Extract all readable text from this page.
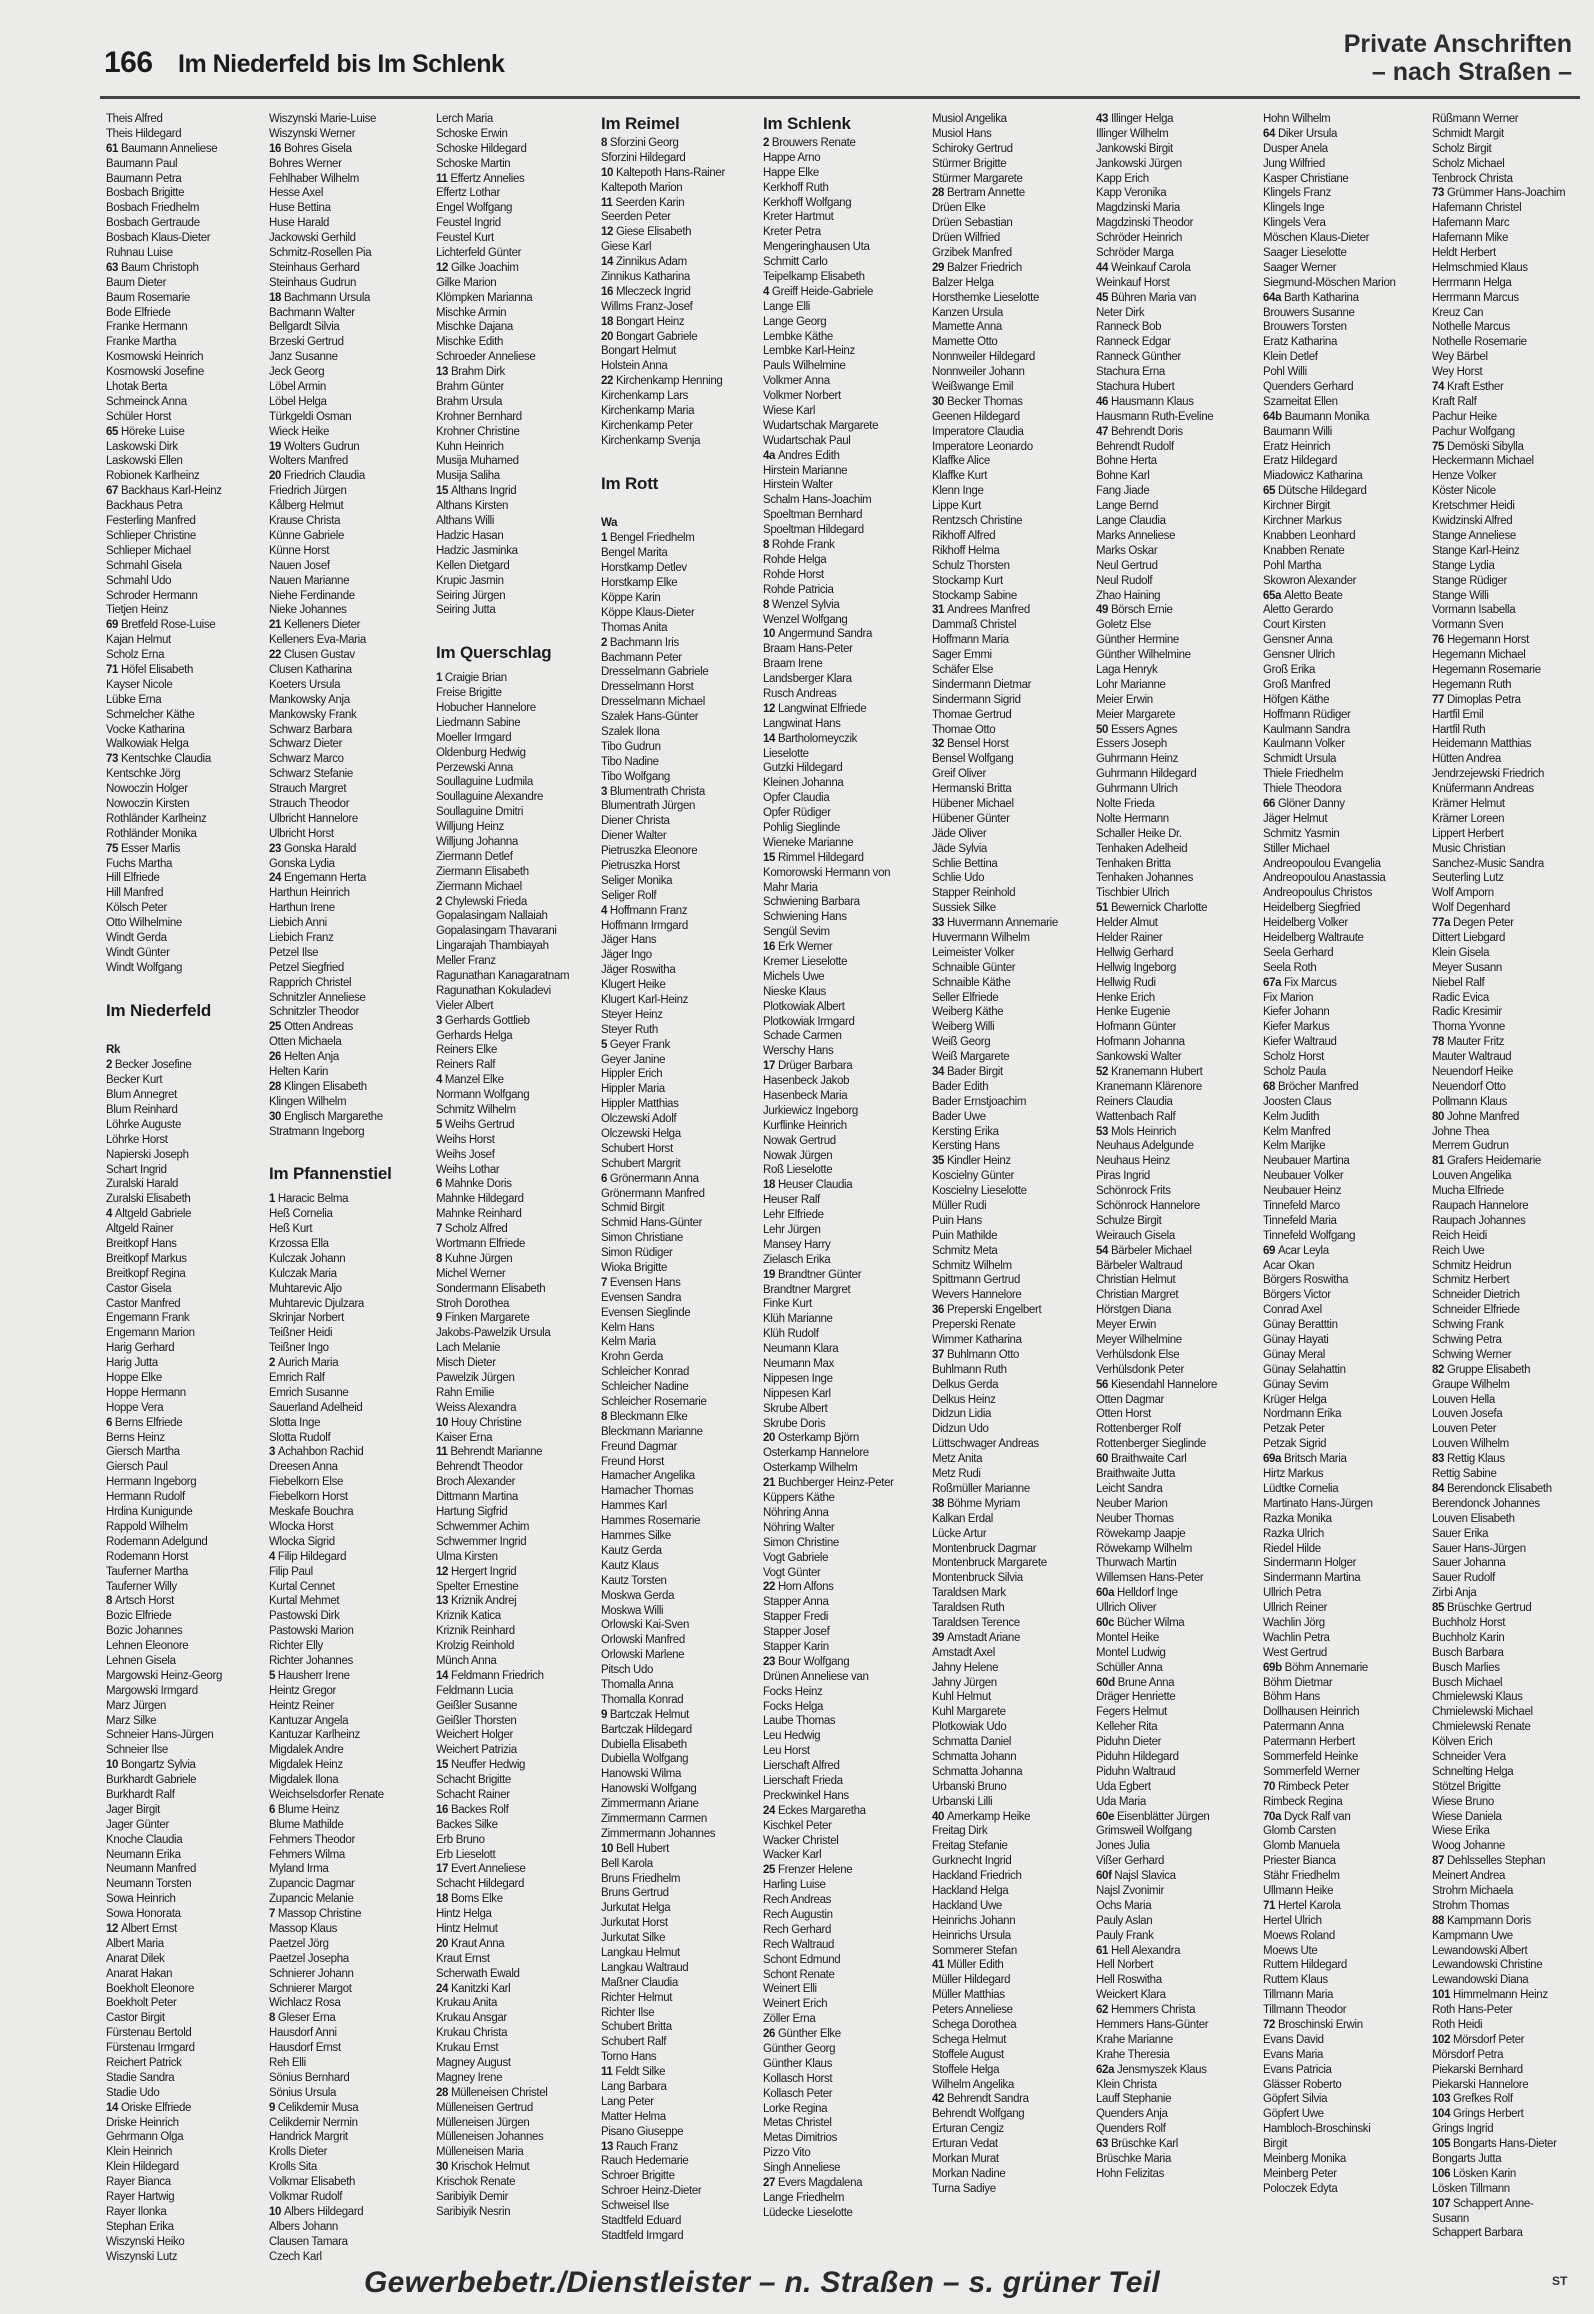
166 Im Niederfeld bis Im Schlenk
Private Anschriften
– nach Straßen –
Theis Alfred
Theis Hildegard
61 Baumann Anneliese
Baumann Paul
Baumann Petra
Bosbach Brigitte
Bosbach Friedhelm
Bosbach Gertraude
Bosbach Klaus-Dieter
Ruhnau Luise
63 Baum Christoph
Baum Dieter
Baum Rosemarie
Bode Elfriede
Franke Hermann
Franke Martha
Kosmowski Heinrich
Kosmowski Josefine
Lhotak Berta
Schmeinck Anna
Schüler Horst
65 Höreke Luise
Laskowski Dirk
Laskowski Ellen
Robionek Karlheinz
67 Backhaus Karl-Heinz
Backhaus Petra
Festerling Manfred
Schlieper Christine
Schlieper Michael
Schmahl Gisela
Schmahl Udo
Schroder Hermann
Tietjen Heinz
69 Bretfeld Rose-Luise
Kajan Helmut
Scholz Erna
71 Höfel Elisabeth
Kayser Nicole
Lübke Erna
Schmelcher Käthe
Vocke Katharina
Walkowiak Helga
73 Kentschke Claudia
Kentschke Jörg
Nowoczin Holger
Nowoczin Kirsten
Rothländer Karlheinz
Rothländer Monika
75 Esser Marlis
Fuchs Martha
Hill Elfriede
Hill Manfred
Kölsch Peter
Otto Wilhelmine
Windt Gerda
Windt Günter
Windt Wolfgang
Im Niederfeld
Rk
2 Becker Josefine
Becker Kurt
Blum Annegret
Blum Reinhard
Löhrke Auguste
Löhrke Horst
Napierski Joseph
Schart Ingrid
Zuralski Harald
Zuralski Elisabeth
4 Altgeld Gabriele
Altgeld Rainer
Breitkopf Hans
Breitkopf Markus
Breitkopf Regina
Castor Gisela
Castor Manfred
Engemann Frank
Engemann Marion
Harig Gerhard
Harig Jutta
Hoppe Elke
Hoppe Hermann
Hoppe Vera
6 Berns Elfriede
Berns Heinz
Giersch Martha
Giersch Paul
Hermann Ingeborg
Hermann Rudolf
Hrdina Kunigunde
Rappold Wilhelm
Rodemann Adelgund
Rodemann Horst
Tauferner Martha
Tauferner Willy
8 Artsch Horst
Bozic Elfriede
Bozic Johannes
Lehnen Eleonore
Lehnen Gisela
Margowski Heinz-Georg
Margowski Irmgard
Marz Jürgen
Marz Silke
Schneier Hans-Jürgen
Schneier Ilse
10 Bongartz Sylvia
Burkhardt Gabriele
Burkhardt Ralf
Jager Birgit
Jager Günter
Knoche Claudia
Neumann Erika
Neumann Manfred
Neumann Torsten
Sowa Heinrich
Sowa Honorata
12 Albert Ernst
Albert Maria
Anarat Dilek
Anarat Hakan
Boekholt Eleonore
Boekholt Peter
Castor Birgit
Fürstenau Bertold
Fürstenau Irmgard
Reichert Patrick
Stadie Sandra
Stadie Udo
14 Oriske Elfriede
Driske Heinrich
Gehrmann Olga
Klein Heinrich
Klein Hildegard
Rayer Bianca
Rayer Hartwig
Rayer Ilonka
Stephan Erika
Wiszynski Heiko
Wiszynski Lutz
Wiszynski Marie-Luise
Wiszynski Werner
16 Bohres Gisela
Bohres Werner
Fehlhaber Wilhelm
Hesse Axel
Huse Bettina
Huse Harald
Jackowski Gerhild
Schmitz-Rosellen Pia
Steinhaus Gerhard
Steinhaus Gudrun
18 Bachmann Ursula
Bachmann Walter
Bellgardt Silvia
Brzeski Gertrud
Janz Susanne
Jeck Georg
Löbel Armin
Löbel Helga
Türkgeldi Osman
Wieck Heike
19 Wolters Gudrun
Wolters Manfred
20 Friedrich Claudia
Friedrich Jürgen
Kålberg Helmut
Krause Christa
Künne Gabriele
Künne Horst
Nauen Josef
Nauen Marianne
Niehe Ferdinande
Nieke Johannes
21 Kelleners Dieter
Kelleners Eva-Maria
22 Clusen Gustav
Clusen Katharina
Koeters Ursula
Mankowsky Anja
Mankowsky Frank
Schwarz Barbara
Schwarz Dieter
Schwarz Marco
Schwarz Stefanie
Strauch Margret
Strauch Theodor
Ulbricht Hannelore
Ulbricht Horst
23 Gonska Harald
Gonska Lydia
24 Engemann Herta
Harthun Heinrich
Harthun Irene
Liebich Anni
Liebich Franz
Petzel Ilse
Petzel Siegfried
Rapprich Christel
Schnitzler Anneliese
Schnitzler Theodor
25 Otten Andreas
Otten Michaela
26 Helten Anja
Helten Karin
28 Klingen Elisabeth
Klingen Wilhelm
30 Englisch Margarethe
Stratmann Ingeborg
Im Pfannenstiel
1 Haracic Belma
Heß Cornelia
Heß Kurt
Krzossa Ella
Kulczak Johann
Kulczak Maria
Muhtarevic Aljo
Muhtarevic Djulzara
Skrinjar Norbert
Teißner Heidi
Teißner Ingo
2 Aurich Maria
Emrich Ralf
Emrich Susanne
Sauerland Adelheid
Slotta Inge
Slotta Rudolf
3 Achahbon Rachid
Dreesen Anna
Fiebelkorn Else
Fiebelkorn Horst
Meskafe Bouchra
Wlocka Horst
Wlocka Sigrid
4 Filip Hildegard
Filip Paul
Kurtal Cennet
Kurtal Mehmet
Pastowski Dirk
Pastowski Marion
Richter Elly
Richter Johannes
5 Hausherr Irene
Heintz Gregor
Heintz Reiner
Kantuzar Angela
Kantuzar Karlheinz
Migdalek Andre
Migdalek Heinz
Migdalek Ilona
Weichselsdorfer Renate
6 Blume Heinz
Blume Mathilde
Fehmers Theodor
Fehmers Wilma
Myland Irma
Zupancic Dagmar
Zupancic Melanie
7 Massop Christine
Massop Klaus
Paetzel Jörg
Paetzel Josepha
Schnierer Johann
Schnierer Margot
Wichlacz Rosa
8 Gleser Erna
Hausdorf Anni
Hausdorf Ernst
Reh Elli
Sönius Bernhard
Sönius Ursula
9 Celikdemir Musa
Celikdemir Nermin
Handrick Margrit
Krolls Dieter
Krolls Sita
Volkmar Elisabeth
Volkmar Rudolf
10 Albers Hildegard
Albers Johann
Clausen Tamara
Czech Karl
Lerch Maria
Schoske Erwin
Schoske Hildegard
Schoske Martin
11 Effertz Annelies
Effertz Lothar
Engel Wolfgang
Feustel Ingrid
Feustel Kurt
Lichterfeld Günter
12 Gilke Joachim
Gilke Marion
Klömpken Marianna
Mischke Armin
Mischke Dajana
Mischke Edith
Schroeder Anneliese
13 Brahm Dirk
Brahm Günter
Brahm Ursula
Krohner Bernhard
Krohner Christine
Kuhn Heinrich
Musija Muhamed
Musija Saliha
15 Althans Ingrid
Althans Kirsten
Althans Willi
Hadzic Hasan
Hadzic Jasminka
Kellen Dietgard
Krupic Jasmin
Seiring Jürgen
Seiring Jutta
Im Querschlag
1 Craigie Brian
Freise Brigitte
Hobucher Hannelore
Liedmann Sabine
Moeller Irmgard
Oldenburg Hedwig
Perzewski Anna
Soullaguine Ludmila
Soullaguine Alexandre
Soullaguine Dmitri
Willjung Heinz
Willjung Johanna
Ziermann Detlef
Ziermann Elisabeth
Ziermann Michael
2 Chylewski Frieda
Gopalasingam Nallaiah
Gopalasingam Thavarani
Lingarajah Thambiayah
Meller Franz
Ragunathan Kanagaratnam
Ragunathan Kokuladevi
Vieler Albert
3 Gerhards Gottlieb
Gerhards Helga
Reiners Elke
Reiners Ralf
4 Manzel Elke
Normann Wolfgang
Schmitz Wilhelm
5 Weihs Gertrud
Weihs Horst
Weihs Josef
Weihs Lothar
6 Mahnke Doris
Mahnke Hildegard
Mahnke Reinhard
7 Scholz Alfred
Wortmann Elfriede
8 Kuhne Jürgen
Michel Werner
Sondermann Elisabeth
Stroh Dorothea
9 Finken Margarete
Jakobs-Pawelzik Ursula
Lach Melanie
Misch Dieter
Pawelzik Jürgen
Rahn Emilie
Weiss Alexandra
10 Houy Christine
Kaiser Erna
11 Behrendt Marianne
Behrendt Theodor
Broch Alexander
Dittmann Martina
Hartung Sigfrid
Schwemmer Achim
Schwemmer Ingrid
Ulma Kirsten
12 Hergert Ingrid
Spelter Ernestine
13 Kriznik Andrej
Kriznik Katica
Kriznik Reinhard
Krolzig Reinhold
Münch Anna
14 Feldmann Friedrich
Feldmann Lucia
Geißler Susanne
Geißler Thorsten
Weichert Holger
Weichert Patrizia
15 Neuffer Hedwig
Schacht Brigitte
Schacht Rainer
16 Backes Rolf
Backes Silke
Erb Bruno
Erb Lieselott
17 Evert Anneliese
Schacht Hildegard
18 Boms Elke
Hintz Helga
Hintz Helmut
20 Kraut Anna
Kraut Ernst
Scherwath Ewald
24 Kanitzki Karl
Krukau Anita
Krukau Ansgar
Krukau Christa
Krukau Ernst
Magney August
Magney Irene
28 Mülleneisen Christel
Mülleneisen Gertrud
Mülleneisen Jürgen
Mülleneisen Johannes
Mülleneisen Maria
30 Krischok Helmut
Krischok Renate
Saribiyik Demir
Saribiyik Nesrin
Im Reimel
8 Sforzini Georg
Sforzini Hildegard
10 Kaltepoth Hans-Rainer
Kaltepoth Marion
11 Seerden Karin
Seerden Peter
12 Giese Elisabeth
Giese Karl
14 Zinnikus Adam
Zinnikus Katharina
16 Mleczeck Ingrid
Willms Franz-Josef
18 Bongart Heinz
20 Bongart Gabriele
Bongart Helmut
Holstein Anna
22 Kirchenkamp Henning
Kirchenkamp Lars
Kirchenkamp Maria
Kirchenkamp Peter
Kirchenkamp Svenja
Im Rott
Wa
1 Bengel Friedhelm
Bengel Marita
Horstkamp Detlev
Horstkamp Elke
Köppe Karin
Köppe Klaus-Dieter
Thomas Anita
2 Bachmann Iris
Bachmann Peter
Dresselmann Gabriele
Dresselmann Horst
Dresselmann Michael
Szalek Hans-Günter
Szalek Ilona
Tibo Gudrun
Tibo Nadine
Tibo Wolfgang
3 Blumentrath Christa
Blumentrath Jürgen
Diener Christa
Diener Walter
Pietruszka Eleonore
Pietruszka Horst
Seliger Monika
Seliger Rolf
4 Hoffmann Franz
Hoffmann Irmgard
Jäger Hans
Jäger Ingo
Jäger Roswitha
Klugert Heike
Klugert Karl-Heinz
Steyer Heinz
Steyer Ruth
5 Geyer Frank
Geyer Janine
Hippler Erich
Hippler Maria
Hippler Matthias
Olczewski Adolf
Olczewski Helga
Schubert Horst
Schubert Margrit
6 Grönermann Anna
Grönermann Manfred
Schmid Birgit
Schmid Hans-Günter
Simon Christiane
Simon Rüdiger
Wioka Brigitte
7 Evensen Hans
Evensen Sandra
Evensen Sieglinde
Kelm Hans
Kelm Maria
Krohn Gerda
Schleicher Konrad
Schleicher Nadine
Schleicher Rosemarie
8 Bleckmann Elke
Bleckmann Marianne
Freund Dagmar
Freund Horst
Hamacher Angelika
Hamacher Thomas
Hammes Karl
Hammes Rosemarie
Hammes Silke
Kautz Gerda
Kautz Klaus
Kautz Torsten
Moskwa Gerda
Moskwa Willi
Orlowski Kai-Sven
Orlowski Manfred
Orlowski Marlene
Pitsch Udo
Thomalla Anna
Thomalla Konrad
9 Bartczak Helmut
Bartczak Hildegard
Dubiella Elisabeth
Dubiella Wolfgang
Hanowski Wilma
Hanowski Wolfgang
Zimmermann Ariane
Zimmermann Carmen
Zimmermann Johannes
10 Bell Hubert
Bell Karola
Bruns Friedhelm
Bruns Gertrud
Jurkutat Helga
Jurkutat Horst
Jurkutat Silke
Langkau Helmut
Langkau Waltraud
Maßner Claudia
Richter Helmut
Richter Ilse
Schubert Britta
Schubert Ralf
Torno Hans
11 Feldt Silke
Lang Barbara
Lang Peter
Matter Helma
Pisano Giuseppe
13 Rauch Franz
Rauch Hedemarie
Schroer Brigitte
Schroer Heinz-Dieter
Schweisel Ilse
Stadtfeld Eduard
Stadtfeld Irmgard
Im Schlenk
2 Brouwers Renate
Happe Arno
Happe Elke
Kerkhoff Ruth
Kerkhoff Wolfgang
Kreter Hartmut
Kreter Petra
Mengeringhausen Uta
Schmitt Carlo
Teipelkamp Elisabeth
4 Greiff Heide-Gabriele
Lange Elli
Lange Georg
Lembke Käthe
Lembke Karl-Heinz
Pauls Wilhelmine
Volkmer Anna
Volkmer Norbert
Wiese Karl
Wudartschak Margarete
Wudartschak Paul
4a Andres Edith
Hirstein Marianne
Hirstein Walter
Schalm Hans-Joachim
Spoeltman Bernhard
Spoeltman Hildegard
8 Rohde Frank
Rohde Helga
Rohde Horst
Rohde Patricia
8 Wenzel Sylvia
Wenzel Wolfgang
10 Angermund Sandra
Braam Hans-Peter
Braam Irene
Landsberger Klara
Rusch Andreas
12 Langwinat Elfriede
Langwinat Hans
14 Bartholomeyczik
Lieselotte
Gutzki Hildegard
Kleinen Johanna
Opfer Claudia
Opfer Rüdiger
Pohlig Sieglinde
Wieneke Marianne
15 Rimmel Hildegard
Komorowski Hermann von
Mahr Maria
Schwiening Barbara
Schwiening Hans
Sengül Sevim
16 Erk Werner
Kremer Lieselotte
Michels Uwe
Nieske Klaus
Plotkowiak Albert
Plotkowiak Irmgard
Schade Carmen
Werschy Hans
17 Drüger Barbara
Hasenbeck Jakob
Hasenbeck Maria
Jurkiewicz Ingeborg
Kurflinke Heinrich
Nowak Gertrud
Nowak Jürgen
Roß Lieselotte
18 Heuser Claudia
Heuser Ralf
Lehr Elfriede
Lehr Jürgen
Mansey Harry
Zielasch Erika
19 Brandtner Günter
Brandtner Margret
Finke Kurt
Klüh Marianne
Klüh Rudolf
Neumann Klara
Neumann Max
Nippesen Inge
Nippesen Karl
Skrube Albert
Skrube Doris
20 Osterkamp Björn
Osterkamp Hannelore
Osterkamp Wilhelm
21 Buchberger Heinz-Peter
Küppers Käthe
Nöhring Anna
Nöhring Walter
Simon Christine
Vogt Gabriele
Vogt Günter
22 Horn Alfons
Stapper Anna
Stapper Fredi
Stapper Josef
Stapper Karin
23 Bour Wolfgang
Drünen Anneliese van
Focks Heinz
Focks Helga
Laube Thomas
Leu Hedwig
Leu Horst
Lierschaft Alfred
Lierschaft Frieda
Preckwinkel Hans
24 Eckes Margaretha
Kischkel Peter
Wacker Christel
Wacker Karl
25 Frenzer Helene
Harling Luise
Rech Andreas
Rech Augustin
Rech Gerhard
Rech Waltraud
Schont Edmund
Schont Renate
Weinert Elli
Weinert Erich
Zöller Erna
26 Günther Elke
Günther Georg
Günther Klaus
Kollasch Horst
Kollasch Peter
Lorke Regina
Metas Christel
Metas Dimitrios
Pizzo Vito
Singh Anneliese
27 Evers Magdalena
Lange Friedhelm
Lüdecke Lieselotte
Musiol Angelika
Musiol Hans
Schiroky Gertrud
Stürmer Brigitte
Stürmer Margarete
28 Bertram Annette
Drüen Elke
Drüen Sebastian
Drüen Wilfried
Grzibek Manfred
29 Balzer Friedrich
Balzer Helga
Horsthemke Lieselotte
Kanzen Ursula
Mamette Anna
Mamette Otto
Nonnweiler Hildegard
Nonnweiler Johann
Weißwange Emil
30 Becker Thomas
Geenen Hildegard
Imperatore Claudia
Imperatore Leonardo
Klaffke Alice
Klaffke Kurt
Klenn Inge
Lippe Kurt
Rentzsch Christine
Rikhoff Alfred
Rikhoff Helma
Schulz Thorsten
Stockamp Kurt
Stockamp Sabine
31 Andrees Manfred
Dammaß Christel
Hoffmann Maria
Sager Emmi
Schäfer Else
Sindermann Dietmar
Sindermann Sigrid
Thomae Gertrud
Thomae Otto
32 Bensel Horst
Bensel Wolfgang
Greif Oliver
Hermanski Britta
Hübener Michael
Hübener Günter
Jäde Oliver
Jäde Sylvia
Schlie Bettina
Schlie Udo
Stapper Reinhold
Sussiek Silke
33 Huvermann Annemarie
Huvermann Wilhelm
Leimeister Volker
Schnaible Günter
Schnaible Käthe
Seller Elfriede
Weiberg Käthe
Weiberg Willi
Weiß Georg
Weiß Margarete
34 Bader Birgit
Bader Edith
Bader Ernstjoachim
Bader Uwe
Kersting Erika
Kersting Hans
35 Kindler Heinz
Koscielny Günter
Koscielny Lieselotte
Müller Rudi
Puin Hans
Puin Mathilde
Schmitz Meta
Schmitz Wilhelm
Spittmann Gertrud
Wevers Hannelore
36 Preperski Engelbert
Preperski Renate
Wimmer Katharina
37 Buhlmann Otto
Buhlmann Ruth
Delkus Gerda
Delkus Heinz
Didzun Lidia
Didzun Udo
Lüttschwager Andreas
Metz Anita
Metz Rudi
Roßmüller Marianne
38 Böhme Myriam
Kalkan Erdal
Lücke Artur
Montenbruck Dagmar
Montenbruck Margarete
Montenbruck Silvia
Taraldsen Mark
Taraldsen Ruth
Taraldsen Terence
39 Amstadt Ariane
Amstadt Axel
Jahny Helene
Jahny Jürgen
Kuhl Helmut
Kuhl Margarete
Plotkowiak Udo
Schmatta Daniel
Schmatta Johann
Schmatta Johanna
Urbanski Bruno
Urbanski Lilli
40 Amerkamp Heike
Freitag Dirk
Freitag Stefanie
Gurknecht Ingrid
Hackland Friedrich
Hackland Helga
Hackland Uwe
Heinrichs Johann
Heinrichs Ursula
Sommerer Stefan
41 Müller Edith
Müller Hildegard
Müller Matthias
Peters Anneliese
Schega Dorothea
Schega Helmut
Stoffele August
Stoffele Helga
Wilhelm Angelika
42 Behrendt Sandra
Behrendt Wolfgang
Erturan Cengiz
Erturan Vedat
Morkan Murat
Morkan Nadine
Turna Sadiye
43 Illinger Helga
Illinger Wilhelm
Jankowski Birgit
Jankowski Jürgen
Kapp Erich
Kapp Veronika
Magdzinski Maria
Magdzinski Theodor
Schröder Heinrich
Schröder Marga
44 Weinkauf Carola
Weinkauf Horst
45 Bühren Maria van
Neter Dirk
Ranneck Bob
Ranneck Edgar
Ranneck Günther
Stachura Erna
Stachura Hubert
46 Hausmann Klaus
Hausmann Ruth-Eveline
47 Behrendt Doris
Behrendt Rudolf
Bohne Herta
Bohne Karl
Fang Jiade
Lange Bernd
Lange Claudia
Marks Anneliese
Marks Oskar
Neul Gertrud
Neul Rudolf
Zhao Haining
49 Börsch Ernie
Goletz Else
Günther Hermine
Günther Wilhelmine
Laga Henryk
Lohr Marianne
Meier Erwin
Meier Margarete
50 Essers Agnes
Essers Joseph
Guhrmann Heinz
Guhrmann Hildegard
Guhrmann Ulrich
Nolte Frieda
Nolte Hermann
Schaller Heike Dr.
Tenhaken Adelheid
Tenhaken Britta
Tenhaken Johannes
Tischbier Ulrich
51 Bewernick Charlotte
Helder Almut
Helder Rainer
Hellwig Gerhard
Hellwig Ingeborg
Hellwig Rudi
Henke Erich
Henke Eugenie
Hofmann Günter
Hofmann Johanna
Sankowski Walter
52 Kranemann Hubert
Kranemann Klärenore
Reiners Claudia
Wattenbach Ralf
53 Mols Heinrich
Neuhaus Adelgunde
Neuhaus Heinz
Piras Ingrid
Schönrock Frits
Schönrock Hannelore
Schulze Birgit
Weirauch Gisela
54 Bärbeler Michael
Bärbeler Waltraud
Christian Helmut
Christian Margret
Hörstgen Diana
Meyer Erwin
Meyer Wilhelmine
Verhülsdonk Else
Verhülsdonk Peter
56 Kiesendahl Hannelore
Otten Dagmar
Otten Horst
Rottenberger Rolf
Rottenberger Sieglinde
60 Braithwaite Carl
Braithwaite Jutta
Leicht Sandra
Neuber Marion
Neuber Thomas
Röwekamp Jaapje
Röwekamp Wilhelm
Thurwach Martin
Willemsen Hans-Peter
60a Helldorf Inge
Ullrich Oliver
60c Bücher Wilma
Montel Heike
Montel Ludwig
Schüller Anna
60d Brune Anna
Dräger Henriette
Fegers Helmut
Kelleher Rita
Piduhn Dieter
Piduhn Hildegard
Piduhn Waltraud
Uda Egbert
Uda Maria
60e Eisenblätter Jürgen
Grimsweil Wolfgang
Jones Julia
Vißer Gerhard
60f Najsl Slavica
Najsl Zvonimir
Ochs Maria
Pauly Aslan
Pauly Frank
61 Hell Alexandra
Hell Norbert
Hell Roswitha
Weickert Klara
62 Hemmers Christa
Hemmers Hans-Günter
Krahe Marianne
Krahe Theresia
62a Jensmyszek Klaus
Klein Christa
Lauff Stephanie
Quenders Anja
Quenders Rolf
63 Brüschke Karl
Brüschke Maria
Hohn Felizitas
Hohn Wilhelm
64 Diker Ursula
Dusper Anela
Jung Wilfried
Kasper Christiane
Klingels Franz
Klingels Inge
Klingels Vera
Möschen Klaus-Dieter
Saager Lieselotte
Saager Werner
Siegmund-Möschen Marion
64a Barth Katharina
Brouwers Susanne
Brouwers Torsten
Eratz Katharina
Klein Detlef
Pohl Willi
Quenders Gerhard
Szameitat Ellen
64b Baumann Monika
Baumann Willi
Eratz Heinrich
Eratz Hildegard
Miadowicz Katharina
65 Dütsche Hildegard
Kirchner Birgit
Kirchner Markus
Knabben Leonhard
Knabben Renate
Pohl Martha
Skowron Alexander
65a Aletto Beate
Aletto Gerardo
Court Kirsten
Gensner Anna
Gensner Ulrich
Groß Erika
Groß Manfred
Höfgen Käthe
Hoffmann Rüdiger
Kaulmann Sandra
Kaulmann Volker
Schmidt Ursula
Thiele Friedhelm
Thiele Theodora
66 Glöner Danny
Jäger Helmut
Schmitz Yasmin
Stiller Michael
Andreopoulou Evangelia
Andreopoulou Anastassia
Andreopoulus Christos
Heidelberg Siegfried
Heidelberg Volker
Heidelberg Waltraute
Seela Gerhard
Seela Roth
67a Fix Marcus
Fix Marion
Kiefer Johann
Kiefer Markus
Kiefer Waltraud
Scholz Horst
Scholz Paula
68 Bröcher Manfred
Joosten Claus
Kelm Judith
Kelm Manfred
Kelm Marijke
Neubauer Martina
Neubauer Volker
Neubauer Heinz
Tinnefeld Marco
Tinnefeld Maria
Tinnefeld Wolfgang
69 Acar Leyla
Acar Okan
Börgers Roswitha
Börgers Victor
Conrad Axel
Günay Beratttin
Günay Hayati
Günay Meral
Günay Selahattin
Günay Sevim
Krüger Helga
Nordmann Erika
Petzak Peter
Petzak Sigrid
69a Britsch Maria
Hirtz Markus
Lüdtke Cornelia
Martinato Hans-Jürgen
Razka Monika
Razka Ulrich
Riedel Hilde
Sindermann Holger
Sindermann Martina
Ullrich Petra
Ullrich Reiner
Wachlin Jörg
Wachlin Petra
West Gertrud
69b Böhm Annemarie
Böhm Dietmar
Böhm Hans
Dollhausen Heinrich
Patermann Anna
Patermann Herbert
Sommerfeld Heinke
Sommerfeld Werner
70 Rimbeck Peter
Rimbeck Regina
70a Dyck Ralf van
Glomb Carsten
Glomb Manuela
Priester Bianca
Stähr Friedhelm
Ullmann Heike
71 Hertel Karola
Hertel Ulrich
Moews Roland
Moews Ute
Ruttem Hildegard
Ruttem Klaus
Tillmann Maria
Tillmann Theodor
72 Broschinski Erwin
Evans David
Evans Maria
Evans Patricia
Glässer Roberto
Göpfert Silvia
Göpfert Uwe
Hambloch-Broschinski
Birgit
Meinberg Monika
Meinberg Peter
Poloczek Edyta
Rüßmann Werner
Schmidt Margit
Scholz Birgit
Scholz Michael
Tenbrock Christa
73 Grümmer Hans-Joachim
Hafemann Christel
Hafemann Marc
Hafemann Mike
Heldt Herbert
Helmschmied Klaus
Herrmann Helga
Herrmann Marcus
Kreuz Can
Nothelle Marcus
Nothelle Rosemarie
Wey Bärbel
Wey Horst
74 Kraft Esther
Kraft Ralf
Pachur Heike
Pachur Wolfgang
75 Demöski Sibylla
Heckermann Michael
Henze Volker
Köster Nicole
Kretschmer Heidi
Kwidzinski Alfred
Stange Anneliese
Stange Karl-Heinz
Stange Lydia
Stange Rüdiger
Stange Willi
Vormann Isabella
Vormann Sven
76 Hegemann Horst
Hegemann Michael
Hegemann Rosemarie
Hegemann Ruth
77 Dimoplas Petra
Hartfil Emil
Hartfil Ruth
Heidemann Matthias
Hütten Andrea
Jendrzejewski Friedrich
Knüfermann Andreas
Krämer Helmut
Krämer Loreen
Lippert Herbert
Music Christian
Sanchez-Music Sandra
Seuterling Lutz
Wolf Amporn
Wolf Degenhard
77a Degen Peter
Dittert Liebgard
Klein Gisela
Meyer Susann
Niebel Ralf
Radic Evica
Radic Kresimir
Thoma Yvonne
78 Mauter Fritz
Mauter Waltraud
Neuendorf Heike
Neuendorf Otto
Pollmann Klaus
80 Johne Manfred
Johne Thea
Merrem Gudrun
81 Grafers Heidemarie
Louven Angelika
Mucha Elfriede
Raupach Hannelore
Raupach Johannes
Reich Heidi
Reich Uwe
Schmitz Heidrun
Schmitz Herbert
Schneider Dietrich
Schneider Elfriede
Schwing Frank
Schwing Petra
Schwing Werner
82 Gruppe Elisabeth
Graupe Wilhelm
Louven Hella
Louven Josefa
Louven Peter
Louven Wilhelm
83 Rettig Klaus
Rettig Sabine
84 Berendonck Elisabeth
Berendonck Johannes
Louven Elisabeth
Sauer Erika
Sauer Hans-Jürgen
Sauer Johanna
Sauer Rudolf
Zirbi Anja
85 Brüschke Gertrud
Buchholz Horst
Buchholz Karin
Busch Barbara
Busch Marlies
Busch Michael
Chmielewski Klaus
Chmielewski Michael
Chmielewski Renate
Kölven Erich
Schneider Vera
Schnelting Helga
Stötzel Brigitte
Wiese Bruno
Wiese Daniela
Wiese Erika
Woog Johanne
87 Dehlsselles Stephan
Meinert Andrea
Strohm Michaela
Strohm Thomas
88 Kampmann Doris
Kampmann Uwe
Lewandowski Albert
Lewandowski Christine
Lewandowski Diana
101 Himmelmann Heinz
Roth Hans-Peter
Roth Heidi
102 Mörsdorf Peter
Mörsdorf Petra
Piekarski Bernhard
Piekarski Hannelore
103 Grefkes Rolf
104 Grings Herbert
Grings Ingrid
105 Bongarts Hans-Dieter
Bongarts Jutta
106 Lösken Karin
Lösken Tillmann
107 Schappert Anne-
Susann
Schappert Barbara
Gewerbebetr./Dienstleister – n. Straßen – s. grüner Teil	ST
